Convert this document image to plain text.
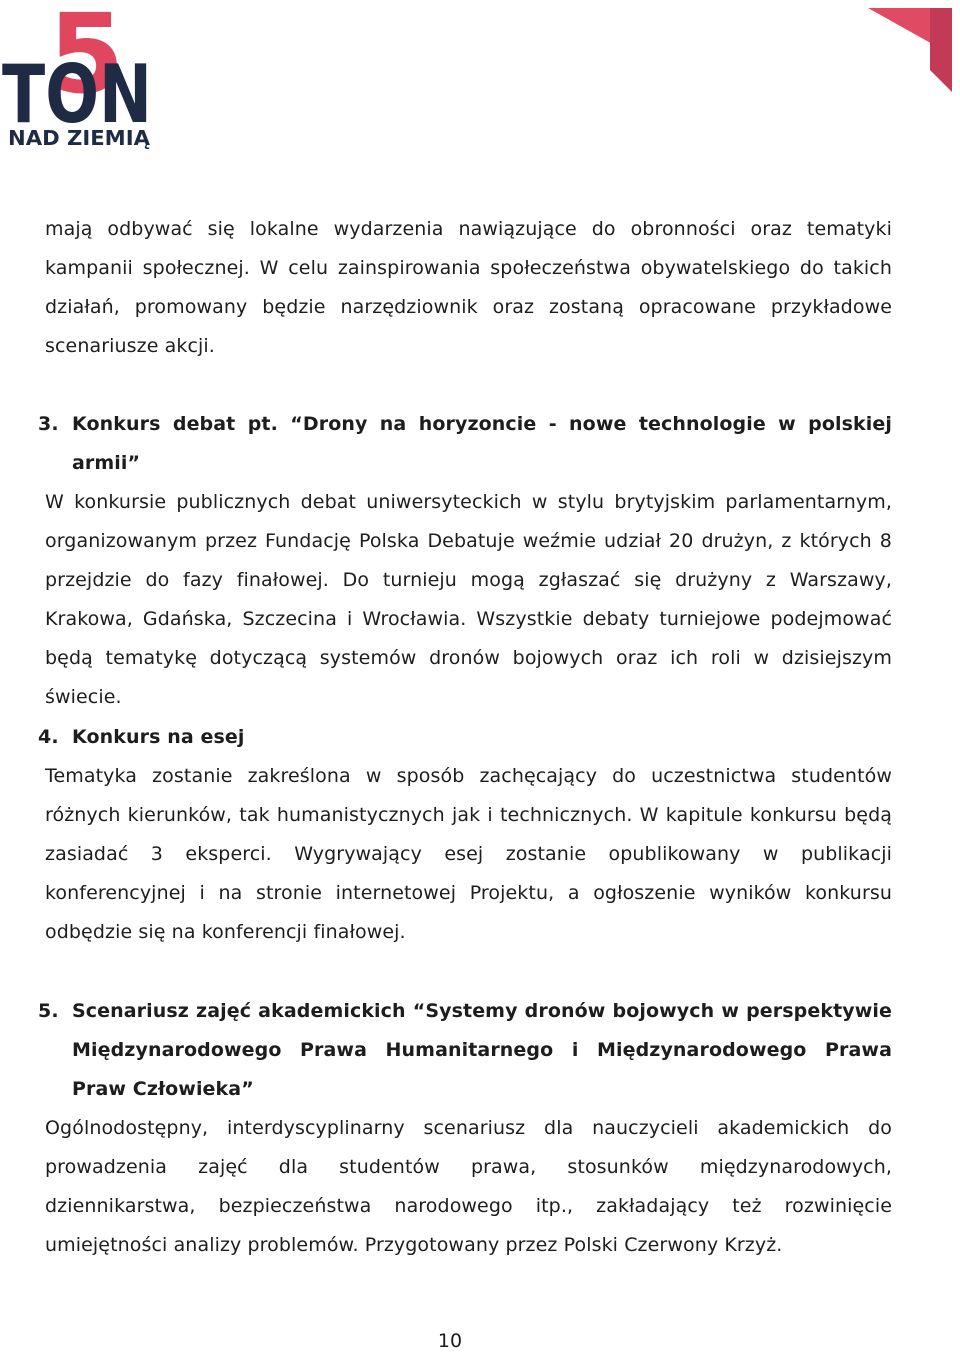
5
TON
NAD ZIEMIĄ

mają odbywać się lokalne wydarzenia nawiązujące do obronności oraz tematyki kampanii społecznej. W celu zainspirowania społeczeństwa obywatelskiego do takich działań, promowany będzie narzędziownik oraz zostaną opracowane przykładowe scenariusze akcji.

3. Konkurs debat pt. “Drony na horyzoncie - nowe technologie w polskiej armii”

W konkursie publicznych debat uniwersyteckich w stylu brytyjskim parlamentarnym, organizowanym przez Fundację Polska Debatuje weźmie udział 20 drużyn, z których 8 przejdzie do fazy finałowej. Do turnieju mogą zgłaszać się drużyny z Warszawy, Krakowa, Gdańska, Szczecina i Wrocławia. Wszystkie debaty turniejowe podejmować będą tematykę dotyczącą systemów dronów bojowych oraz ich roli w dzisiejszym świecie.

4. Konkurs na esej

Tematyka zostanie zakreślona w sposób zachęcający do uczestnictwa studentów różnych kierunków, tak humanistycznych jak i technicznych. W kapitule konkursu będą zasiadać 3 eksperci. Wygrywający esej zostanie opublikowany w publikacji konferencyjnej i na stronie internetowej Projektu, a ogłoszenie wyników konkursu odbędzie się na konferencji finałowej.

5. Scenariusz zajęć akademickich “Systemy dronów bojowych w perspektywie Międzynarodowego Prawa Humanitarnego i Międzynarodowego Prawa Praw Człowieka”

Ogólnodostępny, interdyscyplinarny scenariusz dla nauczycieli akademickich do prowadzenia zajęć dla studentów prawa, stosunków międzynarodowych, dziennikarstwa, bezpieczeństwa narodowego itp., zakładający też rozwinięcie umiejętności analizy problemów. Przygotowany przez Polski Czerwony Krzyż.

10
